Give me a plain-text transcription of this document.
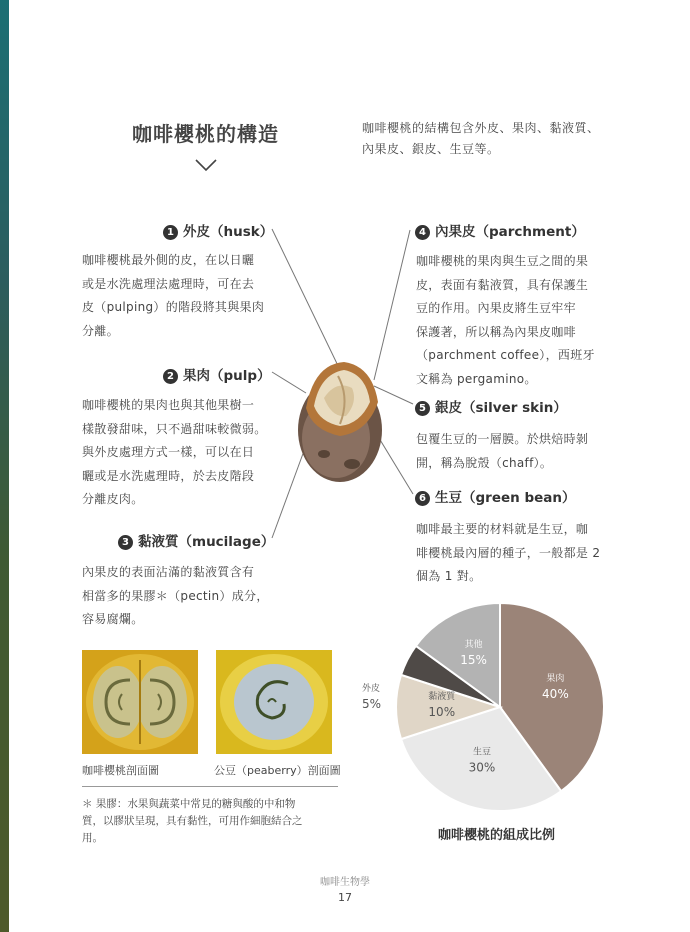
咖啡櫻桃的構造	咖啡櫻桃的結構包含外皮、果肉、黏液質、
內果皮、銀皮、生豆等。
1 外皮（husk）
咖啡櫻桃最外側的皮，在以日曬
或是水洗處理法處理時，可在去
皮（pulping）的階段將其與果肉
分離。
2 果肉（pulp）
咖啡櫻桃的果肉也與其他果樹一
樣散發甜味，只不過甜味較微弱。
與外皮處理方式一樣，可以在日
曬或是水洗處理時，於去皮階段
分離皮肉。
3 黏液質（mucilage）
內果皮的表面沾滿的黏液質含有
相當多的果膠＊（pectin）成分，
容易腐爛。
4 內果皮（parchment）
咖啡櫻桃的果肉與生豆之間的果
皮，表面有黏液質，具有保護生
豆的作用。內果皮將生豆牢牢
保護著，所以稱為內果皮咖啡
（parchment coffee），西班牙
文稱為 pergamino。
5 銀皮（silver skin）
包覆生豆的一層膜。於烘焙時剝
開，稱為脫殼（chaff）。
6 生豆（green bean）
咖啡最主要的材料就是生豆，咖
啡櫻桃最內層的種子，一般都是 2
個為 1 對。
咖啡櫻桃剖面圖	公豆（peaberry）剖面圖
＊ 果膠：水果與蔬菜中常見的糖與酸的中和物
質，以膠狀呈現，具有黏性，可用作細胞結合之
用。
果肉
40%
生豆
30%
黏液質
10%
外皮
5%
其他
15%
咖啡櫻桃的組成比例
咖啡生物學
17
